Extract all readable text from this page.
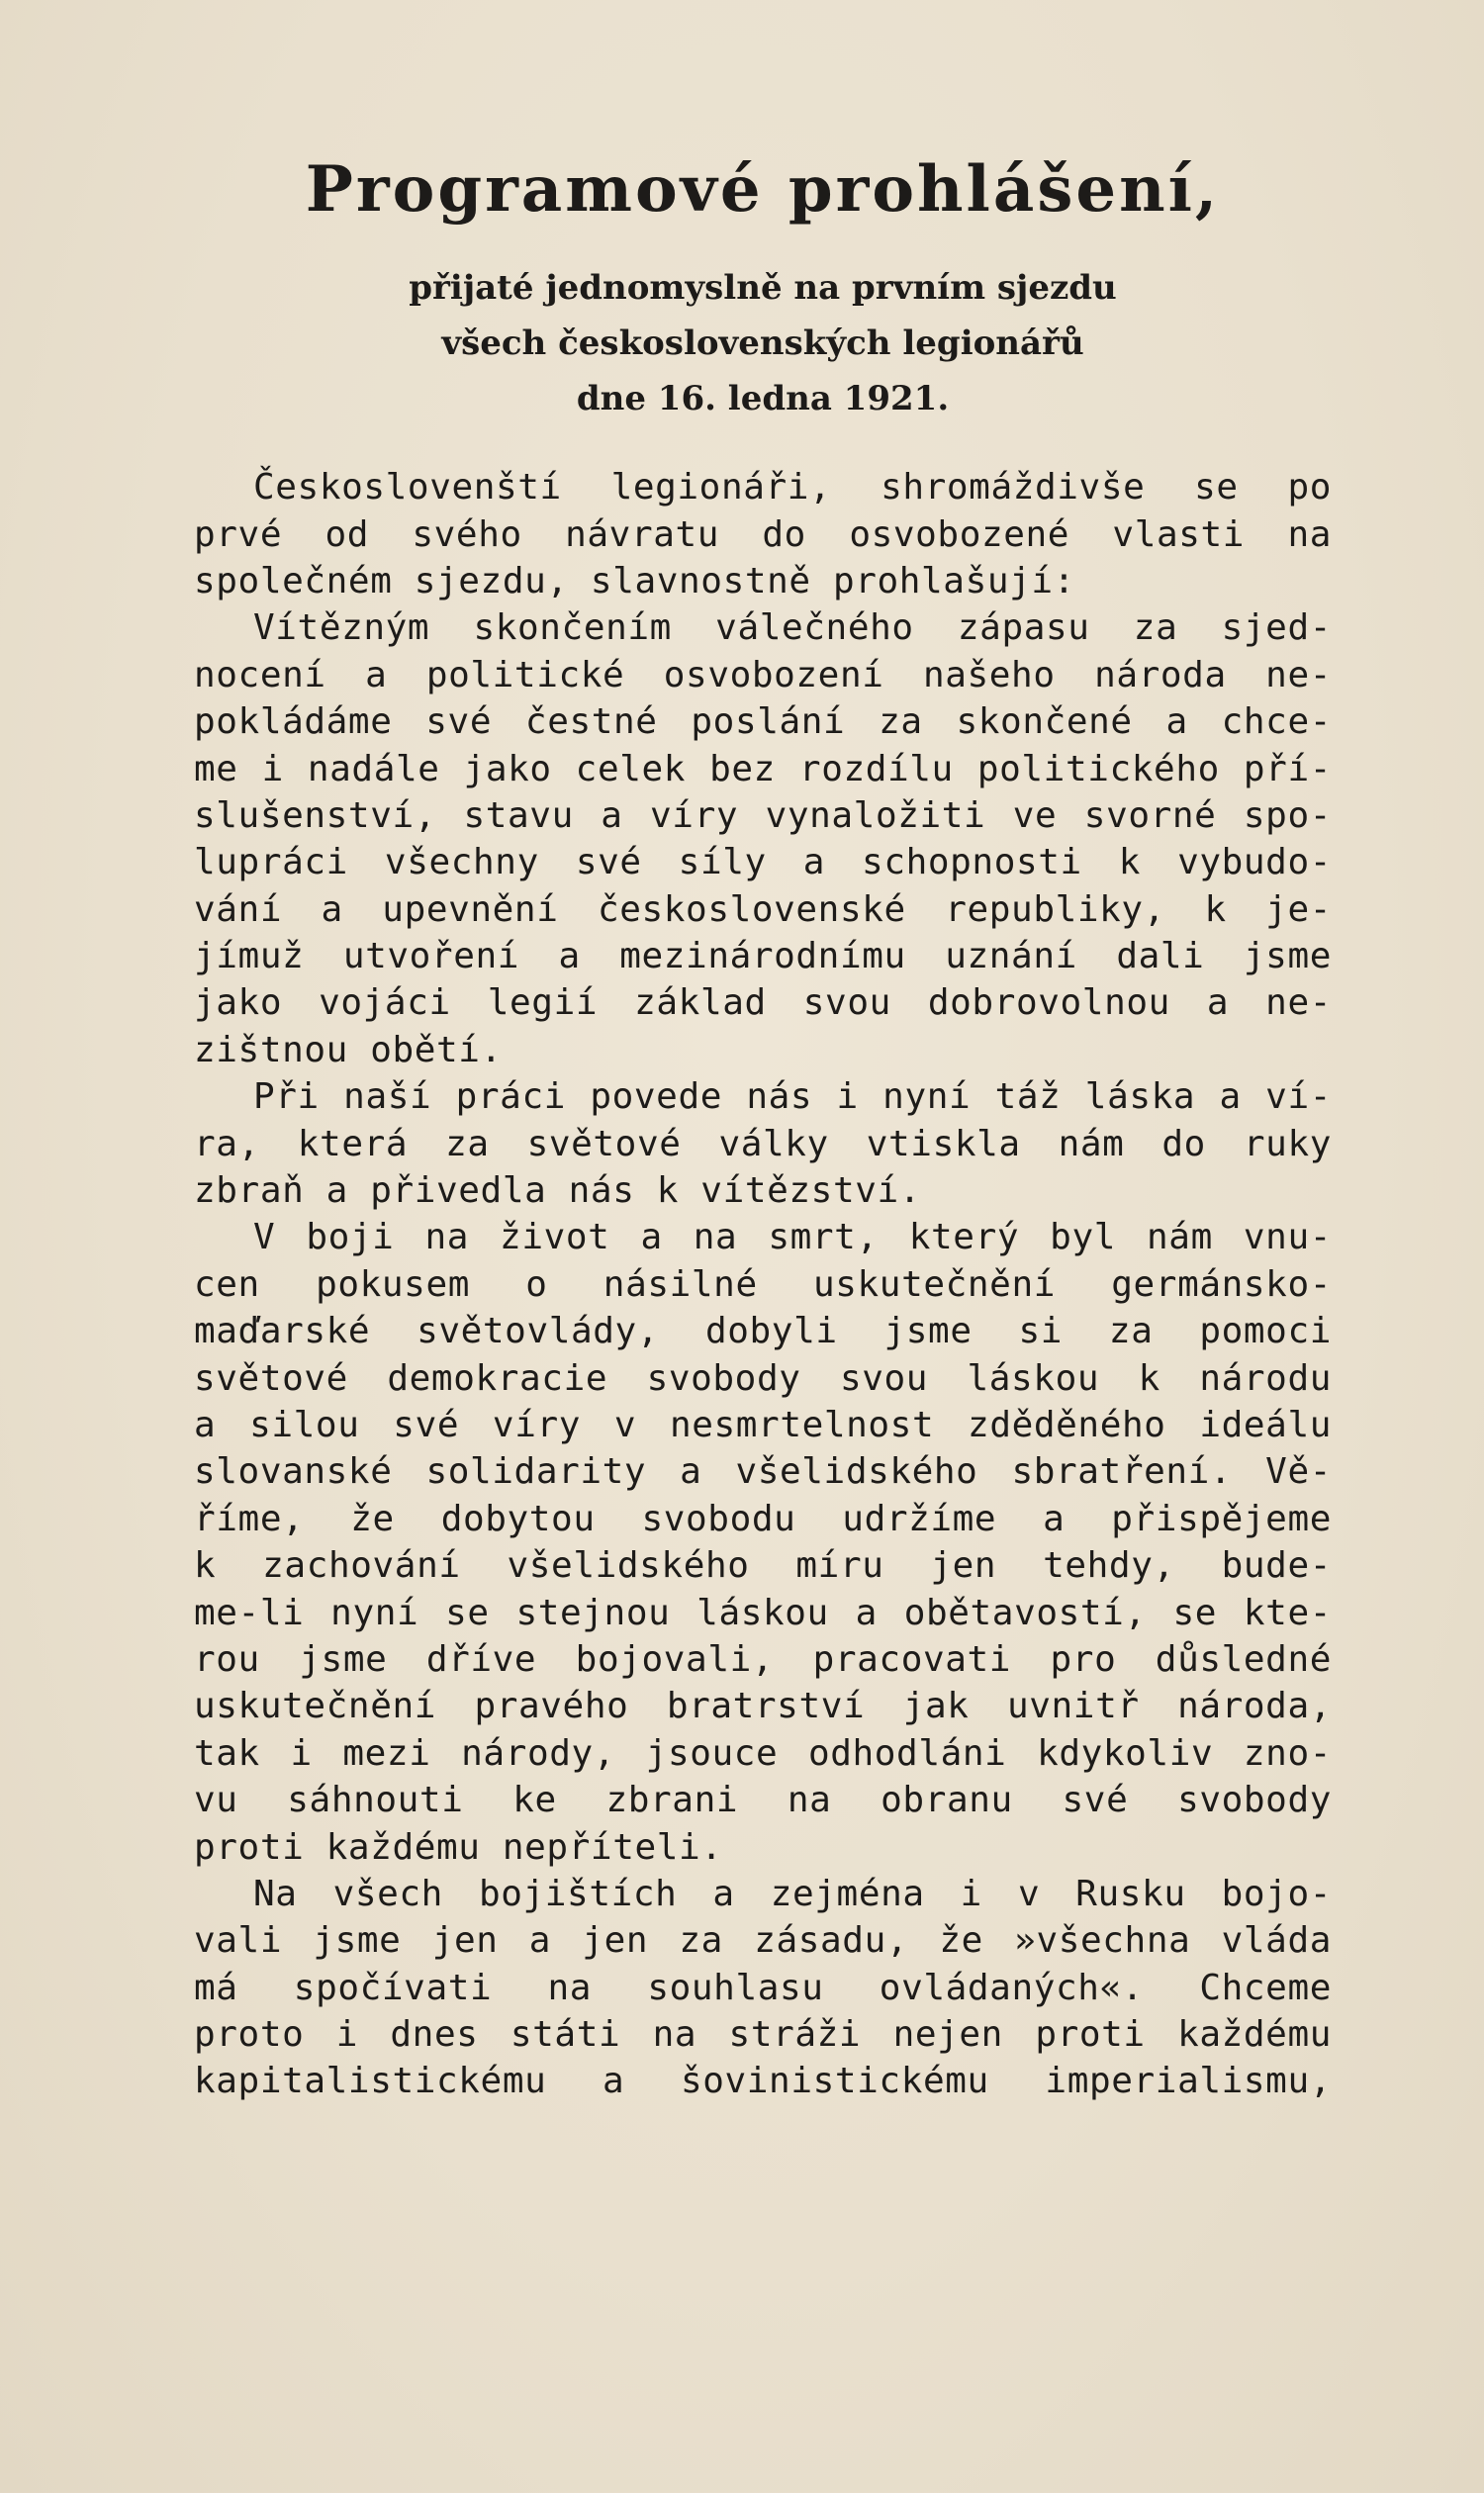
Programové prohlášení,
přijaté jednomyslně na prvním sjezdu
všech československých legionářů
dne 16. ledna 1921.
Českoslovenští legionáři, shromáždivše se po
prvé od svého návratu do osvobozené vlasti na
společném sjezdu, slavnostně prohlašují:
Vítězným skončením válečného zápasu za sjed-
nocení a politické osvobození našeho národa ne-
pokládáme své čestné poslání za skončené a chce-
me i nadále jako celek bez rozdílu politického pří-
slušenství, stavu a víry vynaložiti ve svorné spo-
lupráci všechny své síly a schopnosti k vybudo-
vání a upevnění československé republiky, k je-
jímuž utvoření a mezinárodnímu uznání dali jsme
jako vojáci legií základ svou dobrovolnou a ne-
zištnou obětí.
Při naší práci povede nás i nyní táž láska a ví-
ra, která za světové války vtiskla nám do ruky
zbraň a přivedla nás k vítězství.
V boji na život a na smrt, který byl nám vnu-
cen pokusem o násilné uskutečnění germánsko-
maďarské světovlády, dobyli jsme si za pomoci
světové demokracie svobody svou láskou k národu
a silou své víry v nesmrtelnost zděděného ideálu
slovanské solidarity a všelidského sbratření. Vě-
říme, že dobytou svobodu udržíme a přispějeme
k zachování všelidského míru jen tehdy, bude-
me-li nyní se stejnou láskou a obětavostí, se kte-
rou jsme dříve bojovali, pracovati pro důsledné
uskutečnění pravého bratrství jak uvnitř národa,
tak i mezi národy, jsouce odhodláni kdykoliv zno-
vu sáhnouti ke zbrani na obranu své svobody
proti každému nepříteli.
Na všech bojištích a zejména i v Rusku bojo-
vali jsme jen a jen za zásadu, že »všechna vláda
má spočívati na souhlasu ovládaných«. Chceme
proto i dnes státi na stráži nejen proti každému
kapitalistickému a šovinistickému imperialismu,
